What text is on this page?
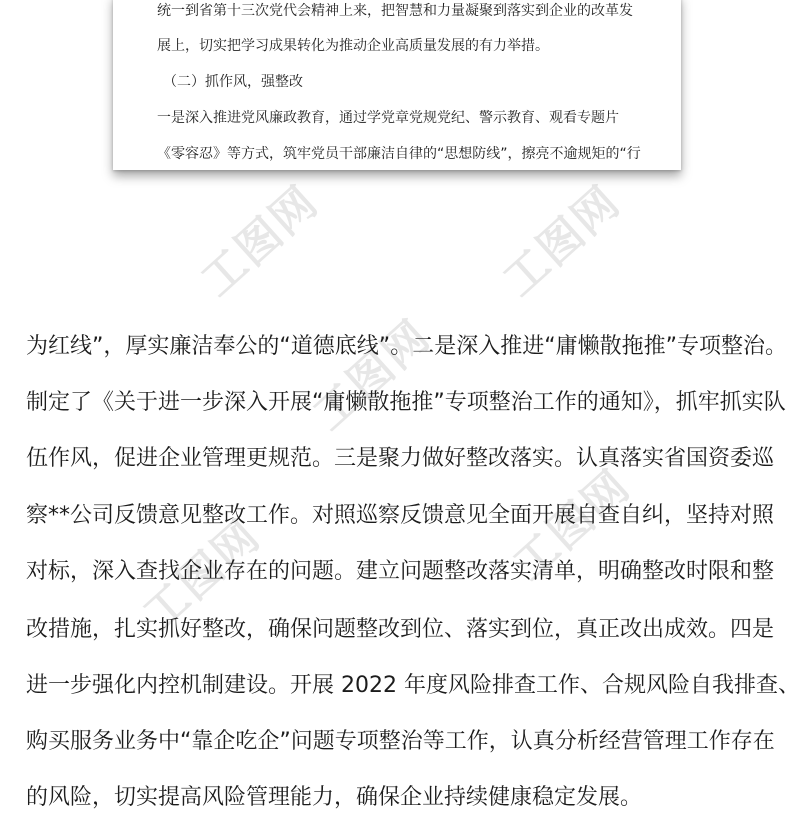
工图网	工图网
工图网
工图网
工图网
统一到省第十三次党代会精神上来，把智慧和力量凝聚到落实到企业的改革发
展上，切实把学习成果转化为推动企业高质量发展的有力举措。
（二）抓作风，强整改
一是深入推进党风廉政教育，通过学党章党规党纪、警示教育、观看专题片
《零容忍》等方式，筑牢党员干部廉洁自律的“思想防线”，擦亮不逾规矩的“行
为红线”，厚实廉洁奉公的“道德底线”。二是深入推进“庸懒散拖推”专项整治。
制定了《关于进一步深入开展“庸懒散拖推”专项整治工作的通知》，抓牢抓实队
伍作风，促进企业管理更规范。三是聚力做好整改落实。认真落实省国资委巡
察**公司反馈意见整改工作。对照巡察反馈意见全面开展自查自纠，坚持对照
对标，深入查找企业存在的问题。建立问题整改落实清单，明确整改时限和整
改措施，扎实抓好整改，确保问题整改到位、落实到位，真正改出成效。四是
进一步强化内控机制建设。开展 2022 年度风险排查工作、合规风险自我排查、
购买服务业务中“靠企吃企”问题专项整治等工作，认真分析经营管理工作存在
的风险，切实提高风险管理能力，确保企业持续健康稳定发展。
